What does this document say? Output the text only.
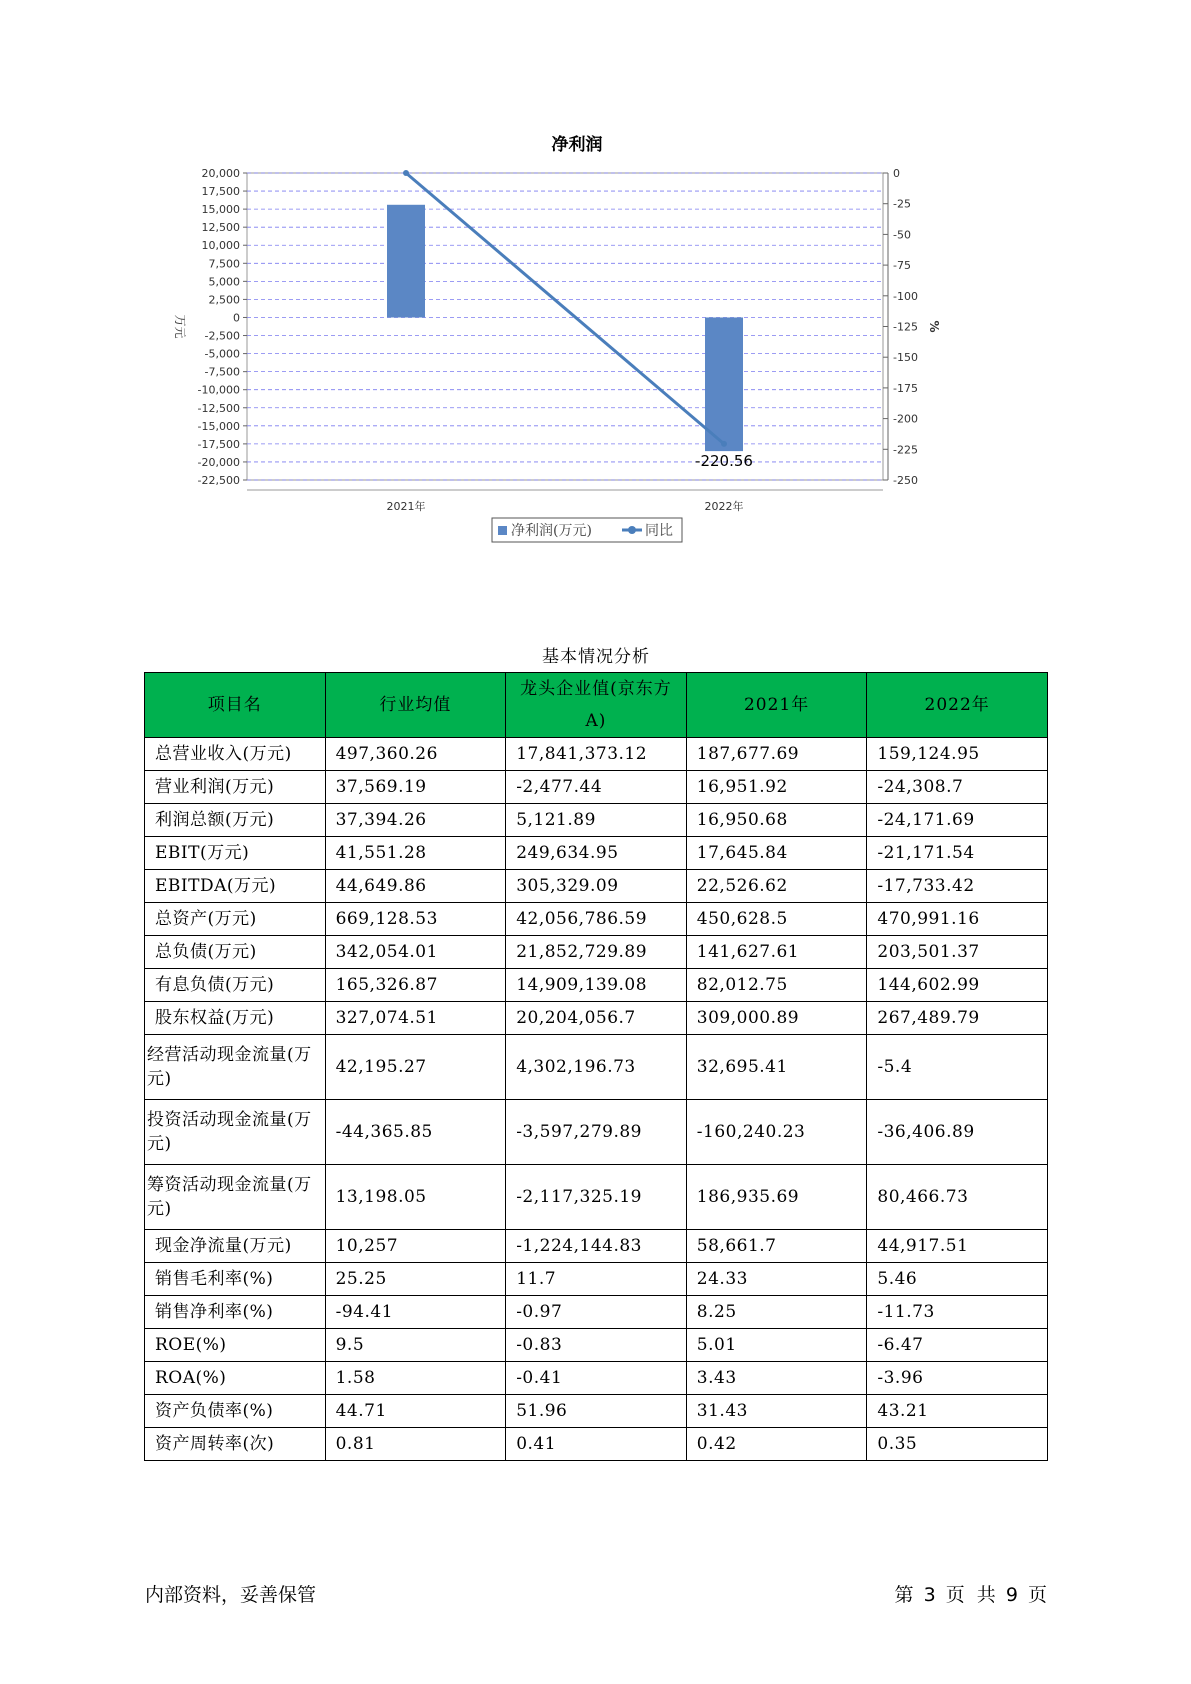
净利润
20,000
17,500
15,000
12,500
10,000
7,500
5,000
2,500
0
-2,500
-5,000
-7,500
-10,000
-12,500
-15,000
-17,500
-20,000
-22,500
0
-25
-50
-75
-100
-125
-150
-175
-200
-225
-250
万元	%
2021年	2022年
-220.56
净利润(万元)	同比
基本情况分析
项目名	行业均值	龙头企业值(京东方A)	2021年	2022年
总营业收入(万元)	497,360.26	17,841,373.12	187,677.69	159,124.95
营业利润(万元)	37,569.19	-2,477.44	16,951.92	-24,308.7
利润总额(万元)	37,394.26	5,121.89	16,950.68	-24,171.69
EBIT(万元)	41,551.28	249,634.95	17,645.84	-21,171.54
EBITDA(万元)	44,649.86	305,329.09	22,526.62	-17,733.42
总资产(万元)	669,128.53	42,056,786.59	450,628.5	470,991.16
总负债(万元)	342,054.01	21,852,729.89	141,627.61	203,501.37
有息负债(万元)	165,326.87	14,909,139.08	82,012.75	144,602.99
股东权益(万元)	327,074.51	20,204,056.7	309,000.89	267,489.79
经营活动现金流量(万元)	42,195.27	4,302,196.73	32,695.41	-5.4
投资活动现金流量(万元)	-44,365.85	-3,597,279.89	-160,240.23	-36,406.89
筹资活动现金流量(万元)	13,198.05	-2,117,325.19	186,935.69	80,466.73
现金净流量(万元)	10,257	-1,224,144.83	58,661.7	44,917.51
销售毛利率(%)	25.25	11.7	24.33	5.46
销售净利率(%)	-94.41	-0.97	8.25	-11.73
ROE(%)	9.5	-0.83	5.01	-6.47
ROA(%)	1.58	-0.41	3.43	-3.96
资产负债率(%)	44.71	51.96	31.43	43.21
资产周转率(次)	0.81	0.41	0.42	0.35
内部资料，妥善保管	第 3 页  共 9 页
